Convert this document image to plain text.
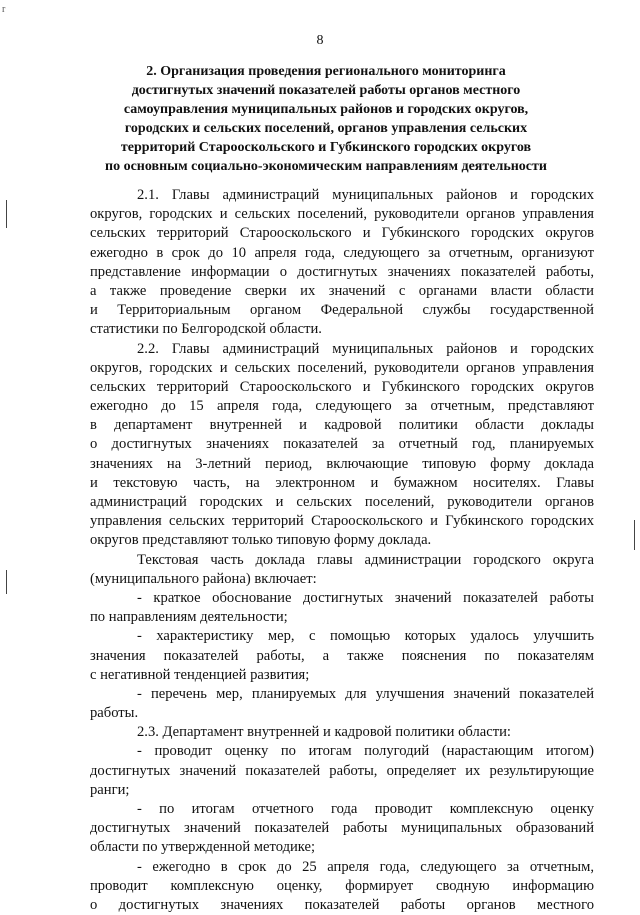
r
8
2. Организация проведения регионального мониторинга
достигнутых значений показателей работы органов местного
самоуправления муниципальных районов и городских округов,
городских и сельских поселений, органов управления сельских
территорий Старооскольского и Губкинского городских округов
по основным социально-экономическим направлениям деятельности
2.1. Главы администраций муниципальных районов и городских
округов, городских и сельских поселений, руководители органов управления
сельских территорий Старооскольского и Губкинского городских округов
ежегодно в срок до 10 апреля года, следующего за отчетным, организуют
представление информации о достигнутых значениях показателей работы,
а также проведение сверки их значений с органами власти области
и Территориальным органом Федеральной службы государственной
статистики по Белгородской области.
2.2. Главы администраций муниципальных районов и городских
округов, городских и сельских поселений, руководители органов управления
сельских территорий Старооскольского и Губкинского городских округов
ежегодно до 15 апреля года, следующего за отчетным, представляют
в департамент внутренней и кадровой политики области доклады
о достигнутых значениях показателей за отчетный год, планируемых
значениях на 3-летний период, включающие типовую форму доклада
и текстовую часть, на электронном и бумажном носителях. Главы
администраций городских и сельских поселений, руководители органов
управления сельских территорий Старооскольского и Губкинского городских
округов представляют только типовую форму доклада.
Текстовая часть доклада главы администрации городского округа
(муниципального района) включает:
- краткое обоснование достигнутых значений показателей работы
по направлениям деятельности;
- характеристику мер, с помощью которых удалось улучшить
значения показателей работы, а также пояснения по показателям
с негативной тенденцией развития;
- перечень мер, планируемых для улучшения значений показателей
работы.
2.3. Департамент внутренней и кадровой политики области:
- проводит оценку по итогам полугодий (нарастающим итогом)
достигнутых значений показателей работы, определяет их результирующие
ранги;
- по итогам отчетного года проводит комплексную оценку
достигнутых значений показателей работы муниципальных образований
области по утвержденной методике;
- ежегодно в срок до 25 апреля года, следующего за отчетным,
проводит комплексную оценку, формирует сводную информацию
о достигнутых значениях показателей работы органов местного
